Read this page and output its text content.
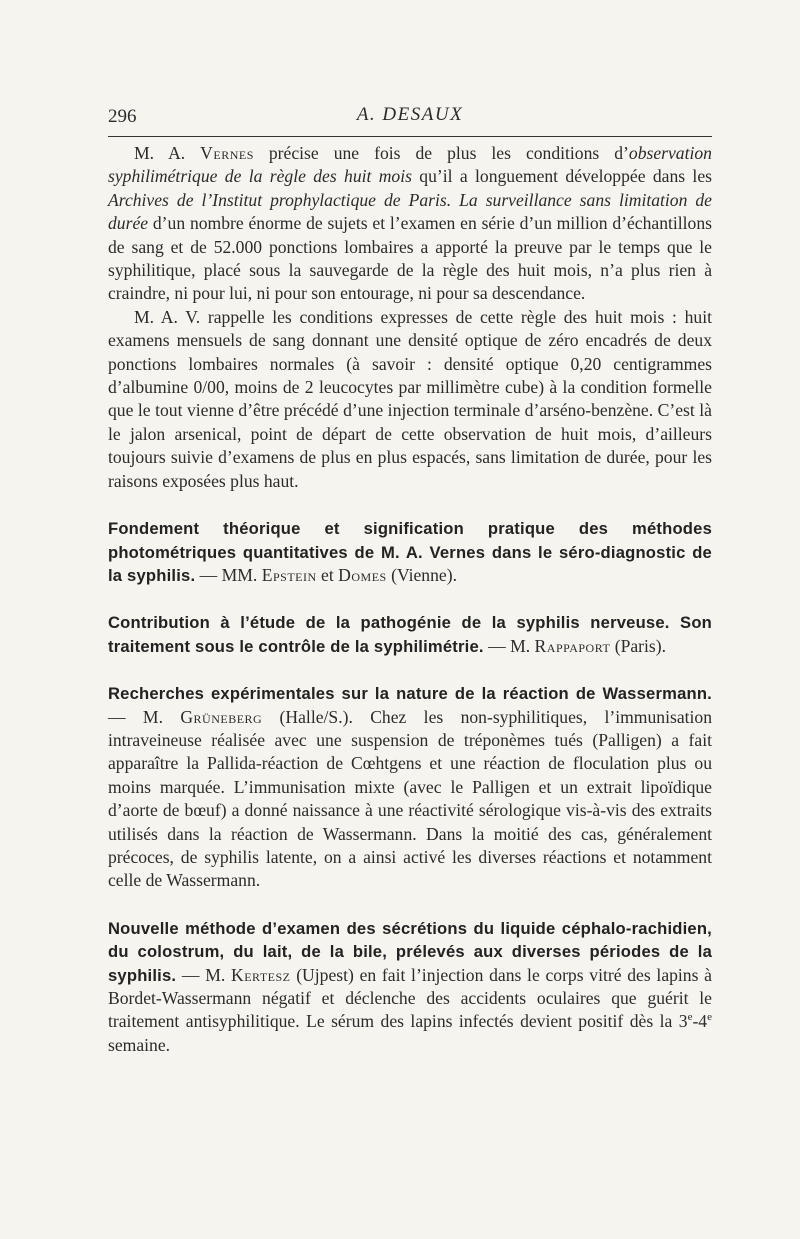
296	A. DESAUX

M. A. Vernes précise une fois de plus les conditions d’observation syphilimétrique de la règle des huit mois qu’il a longuement développée dans les Archives de l’Institut prophylactique de Paris. La surveillance sans limitation de durée d’un nombre énorme de sujets et l’examen en série d’un million d’échantillons de sang et de 52.000 ponctions lombaires a apporté la preuve par le temps que le syphilitique, placé sous la sauvegarde de la règle des huit mois, n’a plus rien à craindre, ni pour lui, ni pour son entourage, ni pour sa descendance.

M. A. V. rappelle les conditions expresses de cette règle des huit mois : huit examens mensuels de sang donnant une densité optique de zéro encadrés de deux ponctions lombaires normales (à savoir : densité optique 0,20 centigrammes d’albumine 0/00, moins de 2 leucocytes par millimètre cube) à la condition formelle que le tout vienne d’être précédé d’une injection terminale d’arséno-benzène. C’est là le jalon arsenical, point de départ de cette observation de huit mois, d’ailleurs toujours suivie d’examens de plus en plus espacés, sans limitation de durée, pour les raisons exposées plus haut.

Fondement théorique et signification pratique des méthodes photométriques quantitatives de M. A. Vernes dans le séro-diagnostic de la syphilis. — MM. Epstein et Domes (Vienne).

Contribution à l’étude de la pathogénie de la syphilis nerveuse. Son traitement sous le contrôle de la syphilimétrie. — M. Rappaport (Paris).

Recherches expérimentales sur la nature de la réaction de Wassermann. — M. Grüneberg (Halle/S.). Chez les non-syphilitiques, l’immunisation intraveineuse réalisée avec une suspension de tréponèmes tués (Palligen) a fait apparaître la Pallida-réaction de Cœhtgens et une réaction de floculation plus ou moins marquée. L’immunisation mixte (avec le Palligen et un extrait lipoïdique d’aorte de bœuf) a donné naissance à une réactivité sérologique vis-à-vis des extraits utilisés dans la réaction de Wassermann. Dans la moitié des cas, généralement précoces, de syphilis latente, on a ainsi activé les diverses réactions et notamment celle de Wassermann.

Nouvelle méthode d’examen des sécrétions du liquide céphalo-rachidien, du colostrum, du lait, de la bile, prélevés aux diverses périodes de la syphilis. — M. Kertesz (Ujpest) en fait l’injection dans le corps vitré des lapins à Bordet-Wassermann négatif et déclenche des accidents oculaires que guérit le traitement antisyphilitique. Le sérum des lapins infectés devient positif dès la 3e-4e semaine.
